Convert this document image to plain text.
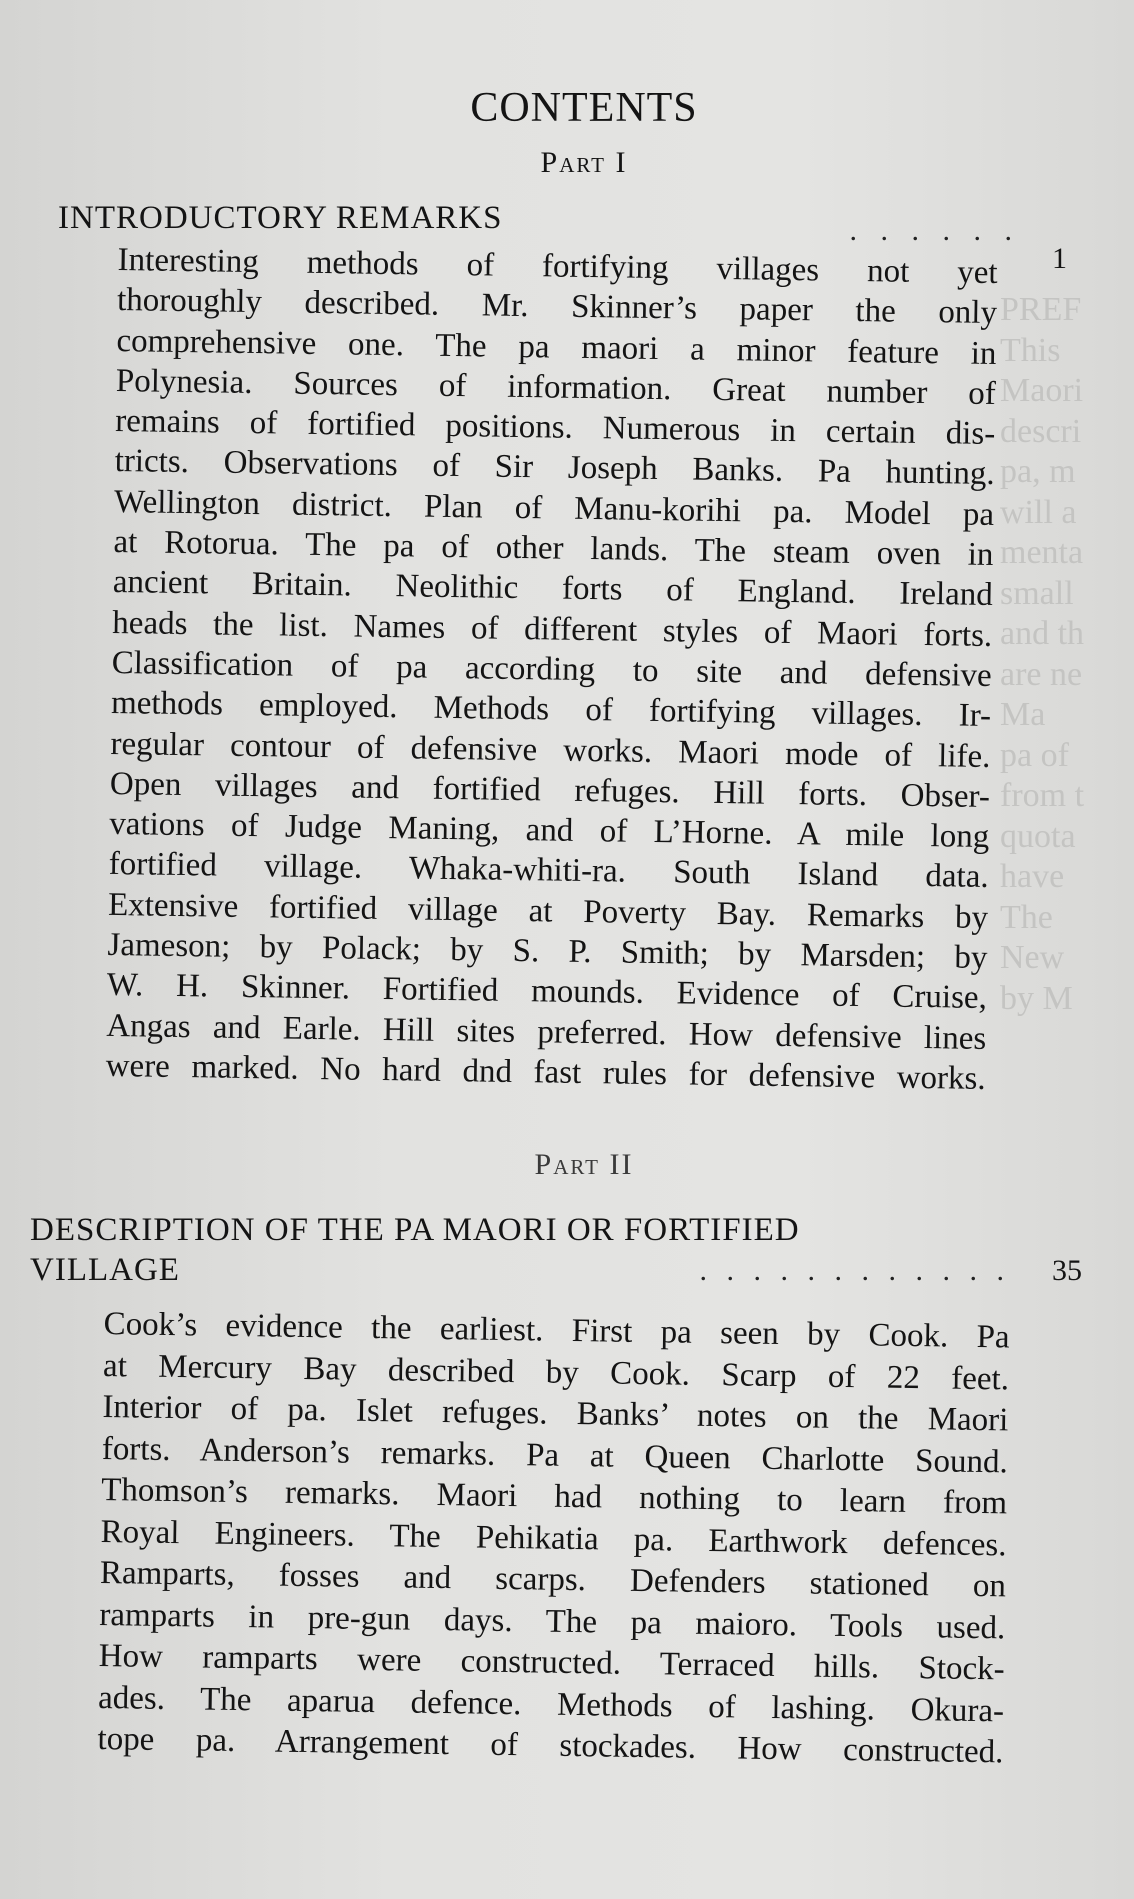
PREF
This
Maori
descri
pa, m
will a
menta
small
and th
are ne
Ma
pa of
from t
quota
have
The
New
by M
CONTENTS
Part I
INTRODUCTORY REMARKS	. . . . . .
1
Interesting methods of fortifying villages not yet
thoroughly described. Mr. Skinner’s paper the only
comprehensive one. The pa maori a minor feature in
Polynesia. Sources of information. Great number of
remains of fortified positions. Numerous in certain dis-
tricts. Observations of Sir Joseph Banks. Pa hunting.
Wellington district. Plan of Manu-korihi pa. Model pa
at Rotorua. The pa of other lands. The steam oven in
ancient Britain. Neolithic forts of England. Ireland
heads the list. Names of different styles of Maori forts.
Classification of pa according to site and defensive
methods employed. Methods of fortifying villages. Ir-
regular contour of defensive works. Maori mode of life.
Open villages and fortified refuges. Hill forts. Obser-
vations of Judge Maning, and of L’Horne. A mile long
fortified village. Whaka-whiti-ra. South Island data.
Extensive fortified village at Poverty Bay. Remarks by
Jameson; by Polack; by S. P. Smith; by Marsden; by
W. H. Skinner. Fortified mounds. Evidence of Cruise,
Angas and Earle. Hill sites preferred. How defensive lines
were marked. No hard dnd fast rules for defensive works.
Part II
DESCRIPTION OF THE PA MAORI OR FORTIFIED
VILLAGE	. . . . . . . . . . . . 35
Cook’s evidence the earliest. First pa seen by Cook. Pa
at Mercury Bay described by Cook. Scarp of 22 feet.
Interior of pa. Islet refuges. Banks’ notes on the Maori
forts. Anderson’s remarks. Pa at Queen Charlotte Sound.
Thomson’s remarks. Maori had nothing to learn from
Royal Engineers. The Pehikatia pa. Earthwork defences.
Ramparts, fosses and scarps. Defenders stationed on
ramparts in pre-gun days. The pa maioro. Tools used.
How ramparts were constructed. Terraced hills. Stock-
ades. The aparua defence. Methods of lashing. Okura-
tope pa. Arrangement of stockades. How constructed.
